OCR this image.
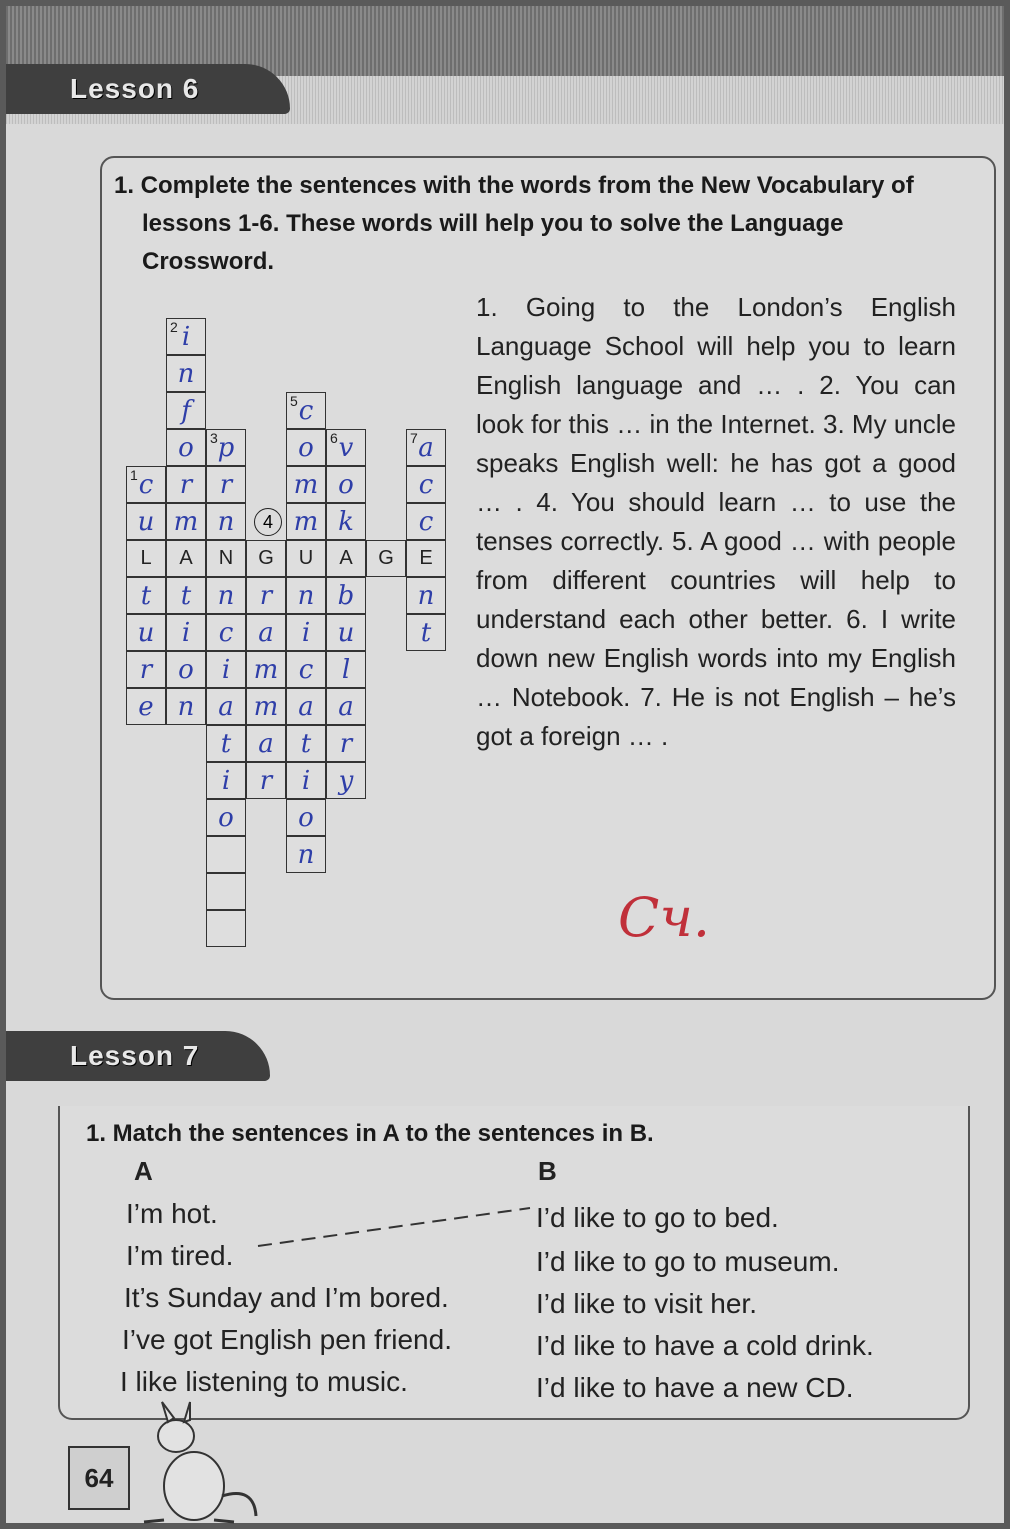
Lesson 6
1. Complete the sentences with the words from the New Vocabulary of
lessons 1-6. These words will help you to solve the Language
Crossword.
1. Going to the London’s English Language School will help you to learn English language and … . 2. You can look for this … in the Internet. 3. My uncle speaks English well: he has got a good … . 4. You should learn … to use the tenses correctly. 5. A good … with people from different countries will help to understand each other better. 6. I write down new English words into my English … Notebook. 7. He is not English – he’s got a foreign … .
2 i
n
f
o
r
m
A
t
i
o
n
1 c
u
L
t
u
r
e
3 p
r
n
N
n
c
i
a
t
i
o
4
G
r
a
m
m
a
r
5 c
o
m
m
U
n
i
c
a
t
i
o
n
6 v
o
k
A
b
u
l
a
r
y
G
7 a
c
c
E
n
t
Сч.
Lesson 7
1. Match the sentences in A to the sentences in B.
A	B
I’m hot.
I’m tired.
It’s Sunday and I’m bored.
I’ve got English pen friend.
I like listening to music.
I’d like to go to bed.
I’d like to go to museum.
I’d like to visit her.
I’d like to have a cold drink.
I’d like to have a new CD.
64
